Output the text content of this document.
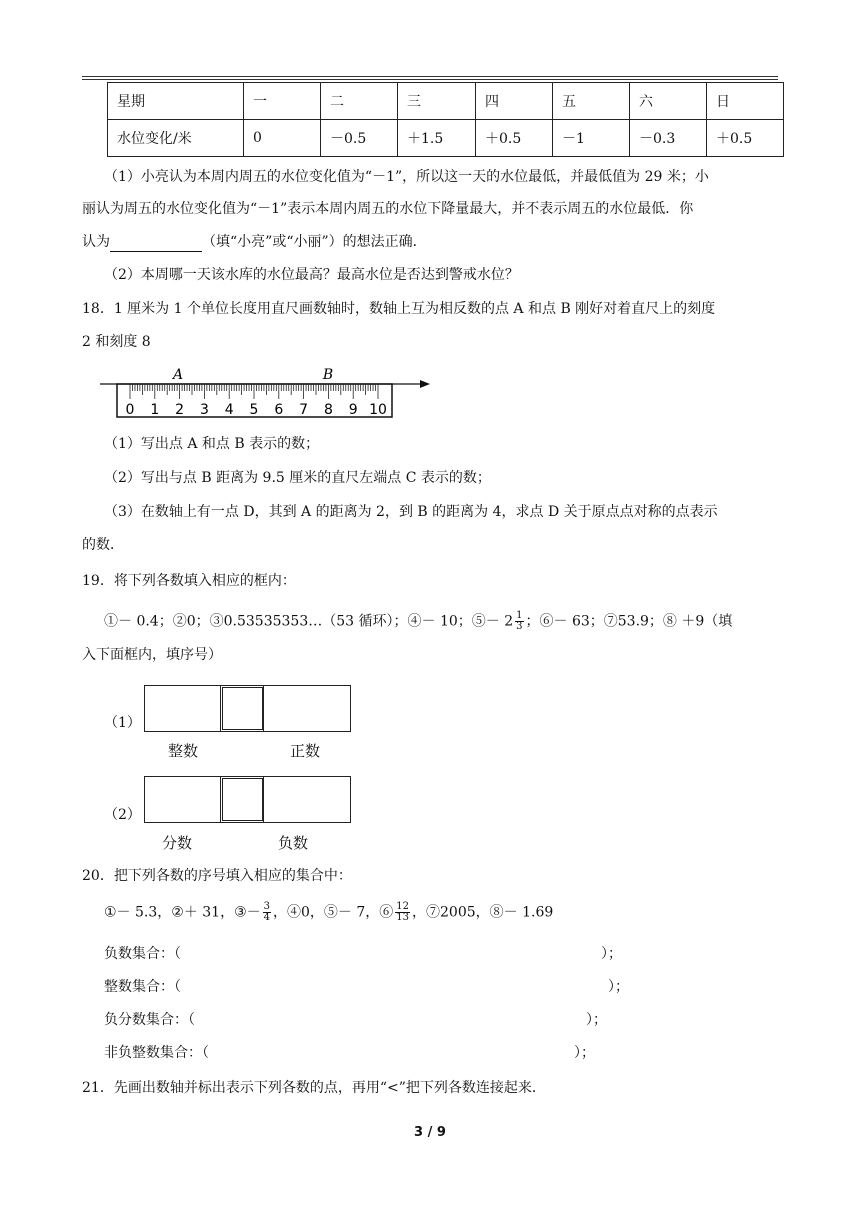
星期	一	二	三	四	五	六	日
水位变化/米	0	－0.5	＋1.5	＋0.5	－1	－0.3	＋0.5
（1）小亮认为本周内周五的水位变化值为“－1”，所以这一天的水位最低，并最低值为 29 米；小
丽认为周五的水位变化值为“－1”表示本周内周五的水位下降量最大，并不表示周五的水位最低．你
认为	（填“小亮”或“小丽”）的想法正确．
（2）本周哪一天该水库的水位最高？最高水位是否达到警戒水位？
18．1 厘米为 1 个单位长度用直尺画数轴时，数轴上互为相反数的点 A 和点 B 刚好对着直尺上的刻度
2 和刻度 8
0 1 2 3 4 5 6 7 8 9 10
A	B
（1）写出点 A 和点 B 表示的数；
（2）写出与点 B 距离为 9.5 厘米的直尺左端点 C 表示的数；
（3）在数轴上有一点 D，其到 A 的距离为 2，到 B 的距离为 4，求点 D 关于原点点对称的点表示
的数．
19．将下列各数填入相应的框内：
①－ 0.4；②0；③0.53535353…（53 循环）；④－ 10；⑤－ $2 \frac{1}{3}$ ；⑥－ 63；⑦53.9；⑧ ＋9（填
入下面框内，填序号）
（1）
整数	正数
（2）
分数	负数
20．把下列各数的序号填入相应的集合中：
①－ 5.3，②＋ 31，③－ $\frac{3}{4}$ ，④0，⑤－ 7，⑥ $\frac{12}{13}$ ，⑦2005，⑧－ 1.69
负数集合：（	）；
整数集合：（	）；
负分数集合：（	）；
非负整数集合：（	）；
21．先画出数轴并标出表示下列各数的点，再用“<”把下列各数连接起来．
3 / 9
